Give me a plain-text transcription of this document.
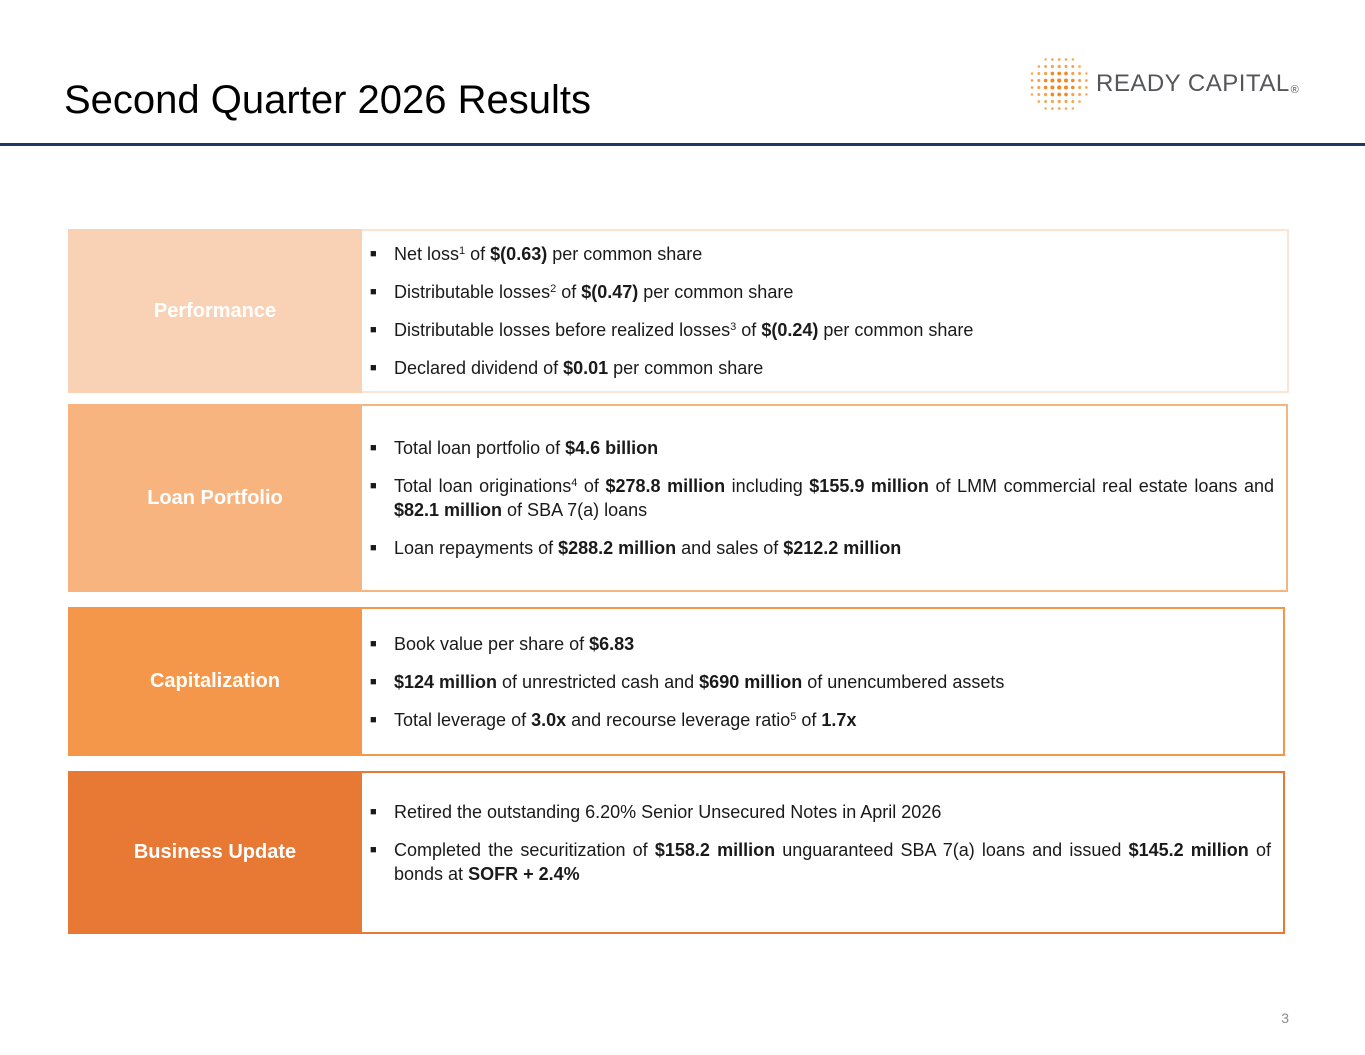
Second Quarter 2026 Results	READY CAPITAL®
Performance
■ Net loss$^1$ of $(0.63) per common share
■ Distributable losses$^2$ of $(0.47) per common share
■ Distributable losses before realized losses$^3$ of $(0.24) per common share
■ Declared dividend of $0.01 per common share
Loan Portfolio
■ Total loan portfolio of $4.6 billion
■ Total loan originations$^4$ of $278.8 million including $155.9 million of LMM commercial real estate loans and $82.1 million of SBA 7(a) loans
■ Loan repayments of $288.2 million and sales of $212.2 million
Capitalization
■ Book value per share of $6.83
■ $124 million of unrestricted cash and $690 million of unencumbered assets
■ Total leverage of 3.0x and recourse leverage ratio$^5$ of 1.7x
Business Update
■ Retired the outstanding 6.20% Senior Unsecured Notes in April 2026
■ Completed the securitization of $158.2 million unguaranteed SBA 7(a) loans and issued $145.2 million of bonds at SOFR + 2.4%
3
